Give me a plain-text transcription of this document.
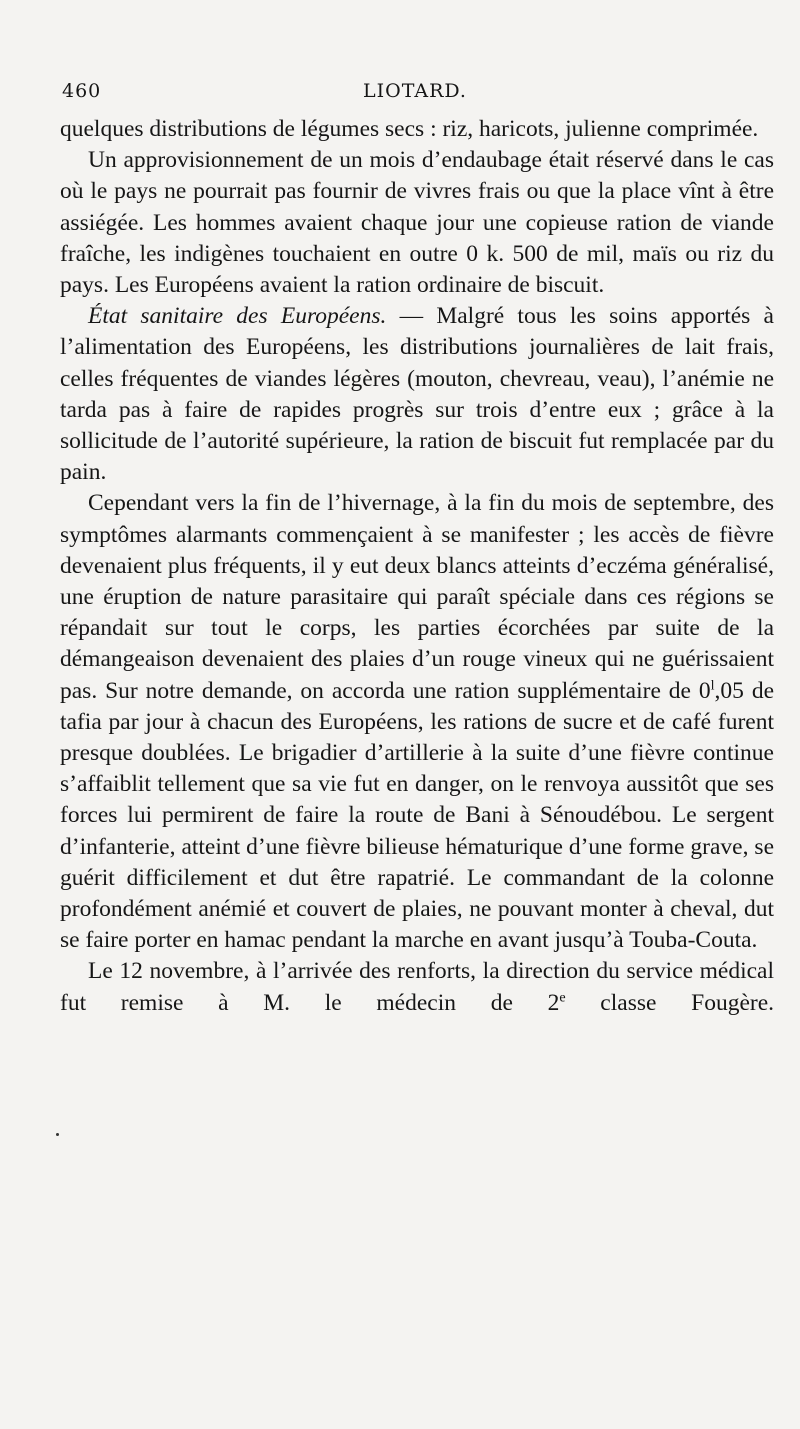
460	LIOTARD.

quelques distributions de légumes secs : riz, haricots, julienne comprimée.

Un approvisionnement de un mois d’endaubage était réservé dans le cas où le pays ne pourrait pas fournir de vivres frais ou que la place vînt à être assiégée. Les hommes avaient chaque jour une copieuse ration de viande fraîche, les indigènes touchaient en outre 0 k. 500 de mil, maïs ou riz du pays. Les Européens avaient la ration ordinaire de biscuit.

État sanitaire des Européens. — Malgré tous les soins apportés à l’alimentation des Européens, les distributions journalières de lait frais, celles fréquentes de viandes légères (mouton, chevreau, veau), l’anémie ne tarda pas à faire de rapides progrès sur trois d’entre eux ; grâce à la sollicitude de l’autorité supérieure, la ration de biscuit fut remplacée par du pain.

Cependant vers la fin de l’hivernage, à la fin du mois de septembre, des symptômes alarmants commençaient à se manifester ; les accès de fièvre devenaient plus fréquents, il y eut deux blancs atteints d’eczéma généralisé, une éruption de nature parasitaire qui paraît spéciale dans ces régions se répandait sur tout le corps, les parties écorchées par suite de la démangeaison devenaient des plaies d’un rouge vineux qui ne guérissaient pas. Sur notre demande, on accorda une ration supplémentaire de 0$^l$,05 de tafia par jour à chacun des Européens, les rations de sucre et de café furent presque doublées. Le brigadier d’artillerie à la suite d’une fièvre continue s’affaiblit tellement que sa vie fut en danger, on le renvoya aussitôt que ses forces lui permirent de faire la route de Bani à Sénoudébou. Le sergent d’infanterie, atteint d’une fièvre bilieuse hématurique d’une forme grave, se guérit difficilement et dut être rapatrié. Le commandant de la colonne profondément anémié et couvert de plaies, ne pouvant monter à cheval, dut se faire porter en hamac pendant la marche en avant jusqu’à Touba-Couta.

Le 12 novembre, à l’arrivée des renforts, la direction du service médical fut remise à M. le médecin de 2e classe Fougère.
